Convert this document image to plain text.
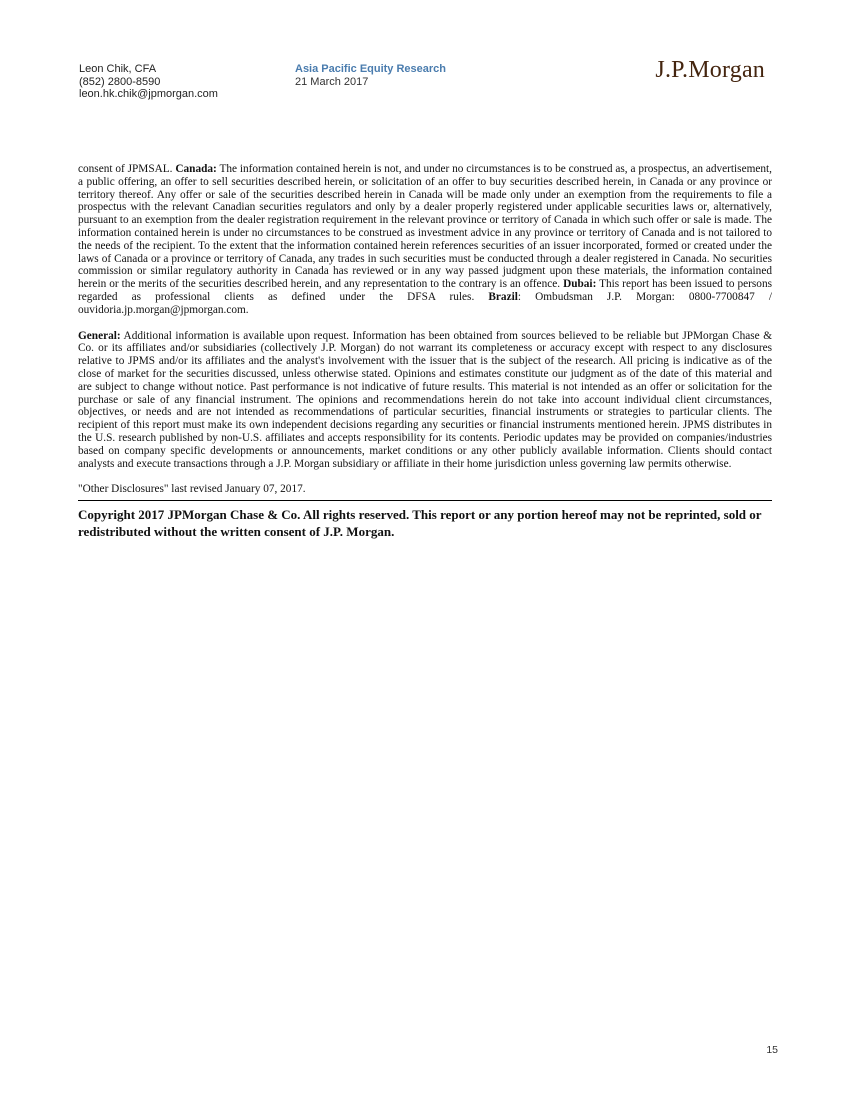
Leon Chik, CFA
(852) 2800-8590
leon.hk.chik@jpmorgan.com
Asia Pacific Equity Research
21 March 2017	J.P.Morgan

consent of JPMSAL. Canada: The information contained herein is not, and under no circumstances is to be construed as, a prospectus, an advertisement, a public offering, an offer to sell securities described herein, or solicitation of an offer to buy securities described herein, in Canada or any province or territory thereof. Any offer or sale of the securities described herein in Canada will be made only under an exemption from the requirements to file a prospectus with the relevant Canadian securities regulators and only by a dealer properly registered under applicable securities laws or, alternatively, pursuant to an exemption from the dealer registration requirement in the relevant province or territory of Canada in which such offer or sale is made. The information contained herein is under no circumstances to be construed as investment advice in any province or territory of Canada and is not tailored to the needs of the recipient. To the extent that the information contained herein references securities of an issuer incorporated, formed or created under the laws of Canada or a province or territory of Canada, any trades in such securities must be conducted through a dealer registered in Canada. No securities commission or similar regulatory authority in Canada has reviewed or in any way passed judgment upon these materials, the information contained herein or the merits of the securities described herein, and any representation to the contrary is an offence. Dubai: This report has been issued to persons regarded as professional clients as defined under the DFSA rules. Brazil: Ombudsman J.P. Morgan: 0800-7700847 / ouvidoria.jp.morgan@jpmorgan.com.

General: Additional information is available upon request. Information has been obtained from sources believed to be reliable but JPMorgan Chase & Co. or its affiliates and/or subsidiaries (collectively J.P. Morgan) do not warrant its completeness or accuracy except with respect to any disclosures relative to JPMS and/or its affiliates and the analyst's involvement with the issuer that is the subject of the research. All pricing is indicative as of the close of market for the securities discussed, unless otherwise stated. Opinions and estimates constitute our judgment as of the date of this material and are subject to change without notice. Past performance is not indicative of future results. This material is not intended as an offer or solicitation for the purchase or sale of any financial instrument. The opinions and recommendations herein do not take into account individual client circumstances, objectives, or needs and are not intended as recommendations of particular securities, financial instruments or strategies to particular clients. The recipient of this report must make its own independent decisions regarding any securities or financial instruments mentioned herein. JPMS distributes in the U.S. research published by non-U.S. affiliates and accepts responsibility for its contents. Periodic updates may be provided on companies/industries based on company specific developments or announcements, market conditions or any other publicly available information. Clients should contact analysts and execute transactions through a J.P. Morgan subsidiary or affiliate in their home jurisdiction unless governing law permits otherwise.

"Other Disclosures" last revised January 07, 2017.

Copyright 2017 JPMorgan Chase & Co. All rights reserved. This report or any portion hereof may not be reprinted, sold or redistributed without the written consent of J.P. Morgan.

15
